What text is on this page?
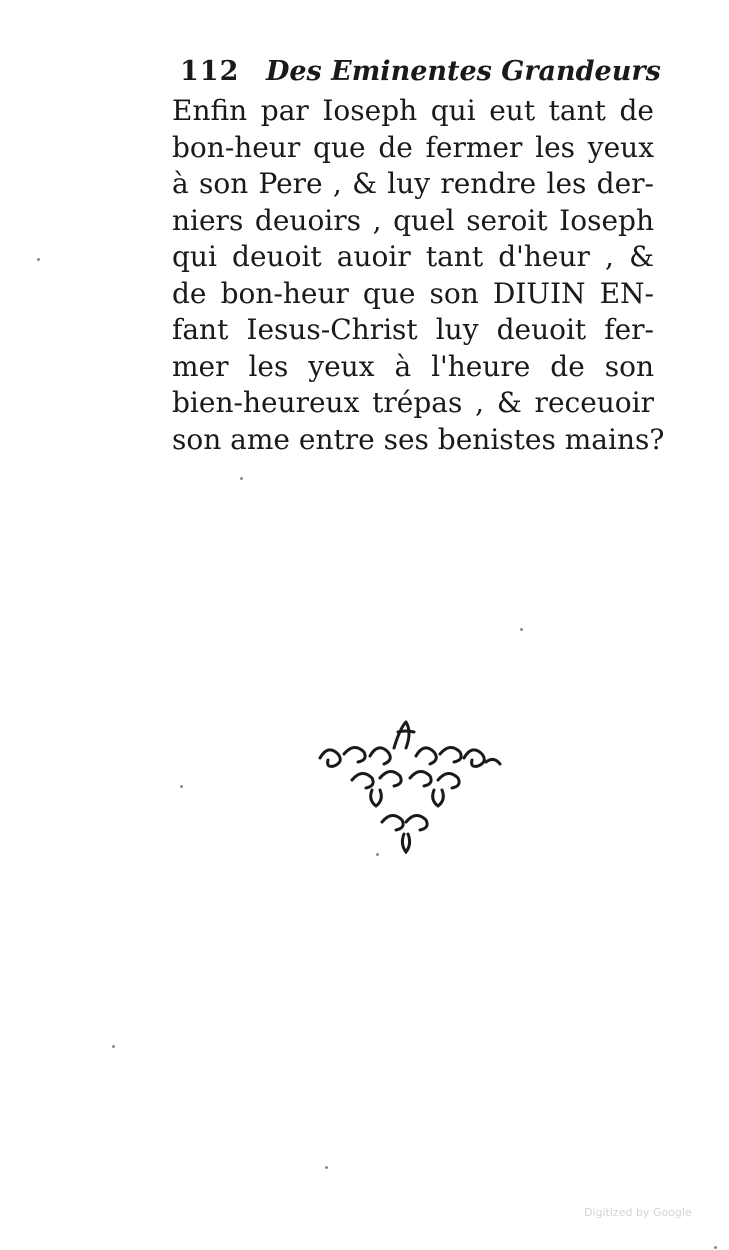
112 Des Eminentes Grandeurs
Enfin par Ioseph qui eut tant de
bon-heur que de fermer les yeux
à son Pere , & luy rendre les der-
niers deuoirs , quel seroit Ioseph
qui deuoit auoir tant d'heur , &
de bon-heur que son DIUIN EN-
fant Iesus-Christ luy deuoit fer-
mer les yeux à l'heure de son
bien-heureux trépas , & receuoir
son ame entre ses benistes mains?
Digitized by Google
